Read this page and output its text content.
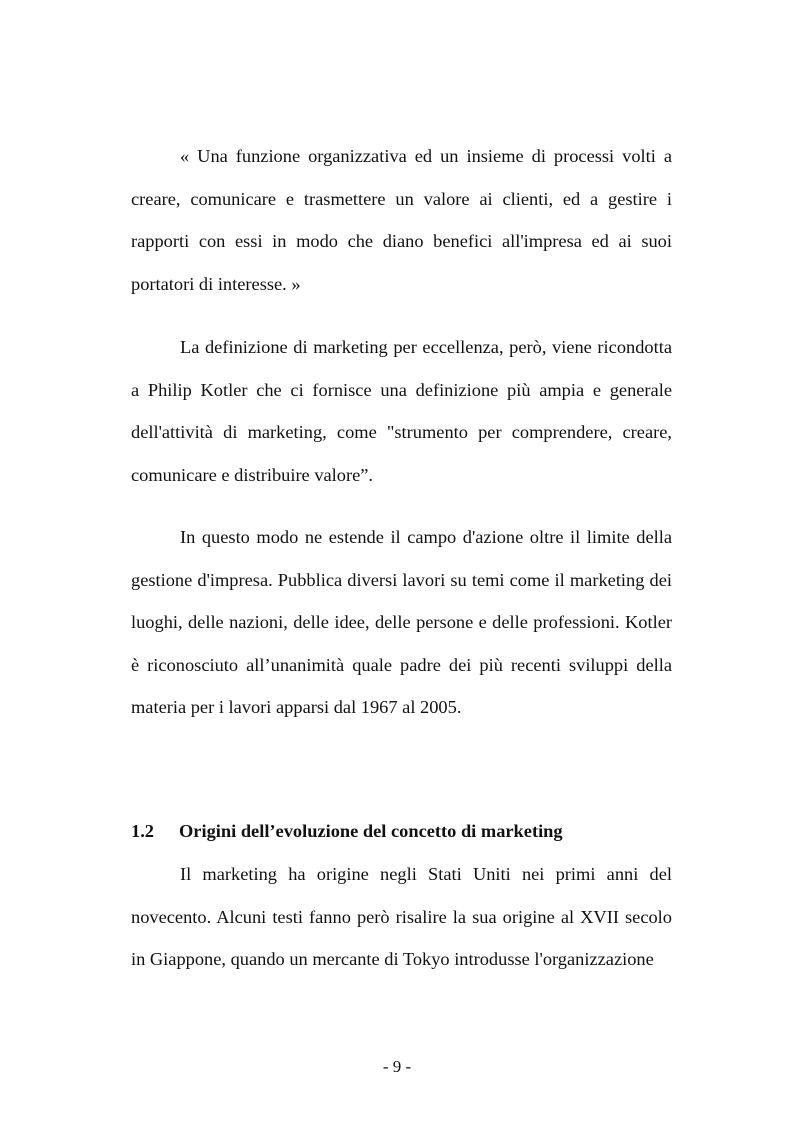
« Una funzione organizzativa ed un insieme di processi volti a creare, comunicare e trasmettere un valore ai clienti, ed a gestire i rapporti con essi in modo che diano benefici all'impresa ed ai suoi portatori di interesse. »

La definizione di marketing per eccellenza, però, viene ricondotta a Philip Kotler che ci fornisce una definizione più ampia e generale dell'attività di marketing, come "strumento per comprendere, creare, comunicare e distribuire valore”.

In questo modo ne estende il campo d'azione oltre il limite della gestione d'impresa. Pubblica diversi lavori su temi come il marketing dei luoghi, delle nazioni, delle idee, delle persone e delle professioni. Kotler è riconosciuto all’unanimità quale padre dei più recenti sviluppi della materia per i lavori apparsi dal 1967 al 2005.

1.2 Origini dell’evoluzione del concetto di marketing

Il marketing ha origine negli Stati Uniti nei primi anni del novecento. Alcuni testi fanno però risalire la sua origine al XVII secolo in Giappone, quando un mercante di Tokyo introdusse l'organizzazione

- 9 -
